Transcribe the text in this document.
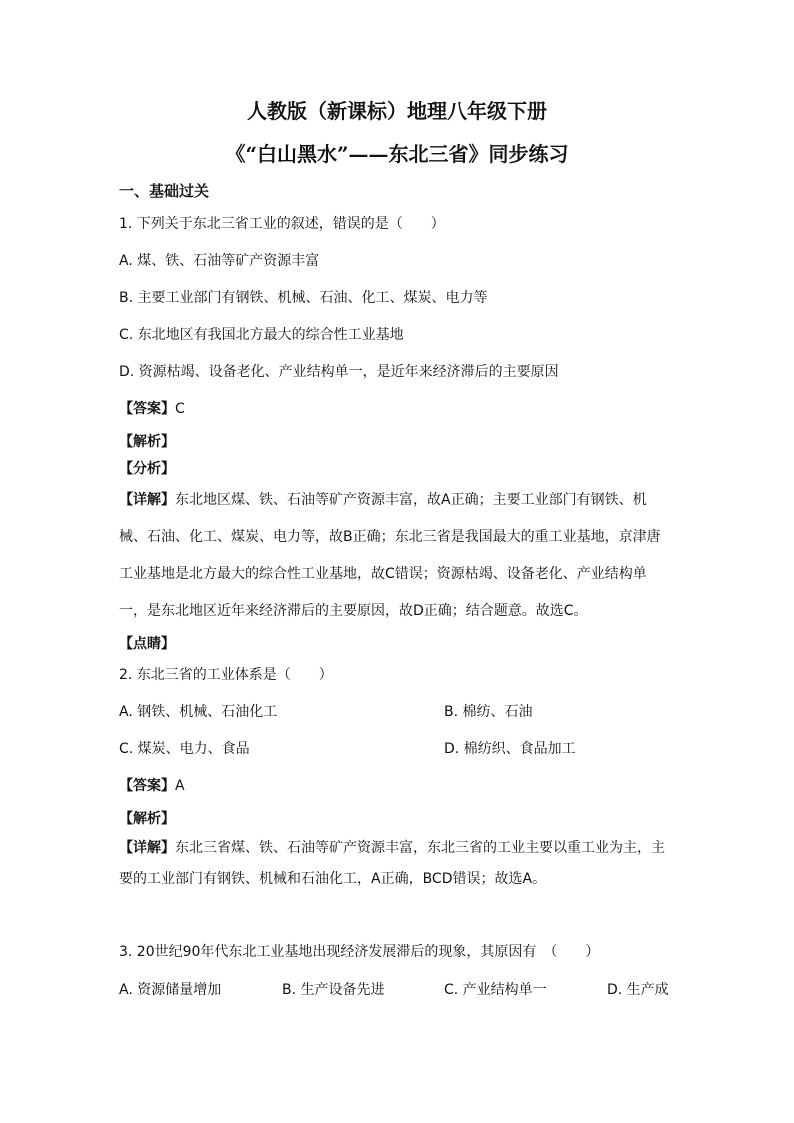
人教版（新课标）地理八年级下册
《“白山黑水”——东北三省》同步练习
一、基础过关
1. 下列关于东北三省工业的叙述，错误的是（　　）
A. 煤、铁、石油等矿产资源丰富
B. 主要工业部门有钢铁、机械、石油、化工、煤炭、电力等
C. 东北地区有我国北方最大的综合性工业基地
D. 资源枯竭、设备老化、产业结构单一，是近年来经济滞后的主要原因
【答案】C
【解析】
【分析】
【详解】东北地区煤、铁、石油等矿产资源丰富，故A正确；主要工业部门有钢铁、机
械、石油、化工、煤炭、电力等，故B正确；东北三省是我国最大的重工业基地，京津唐
工业基地是北方最大的综合性工业基地，故C错误；资源枯竭、设备老化、产业结构单
一，是东北地区近年来经济滞后的主要原因，故D正确；结合题意。故选C。
【点睛】
2. 东北三省的工业体系是（　　）
A. 钢铁、机械、石油化工	B. 棉纺、石油
C. 煤炭、电力、食品	D. 棉纺织、食品加工
【答案】A
【解析】
【详解】东北三省煤、铁、石油等矿产资源丰富，东北三省的工业主要以重工业为主，主
要的工业部门有钢铁、机械和石油化工，A正确，BCD错误；故选A。
3. 20世纪90年代东北工业基地出现经济发展滞后的现象，其原因有　（　　）
A. 资源储量增加	B. 生产设备先进	C. 产业结构单一	D. 生产成
